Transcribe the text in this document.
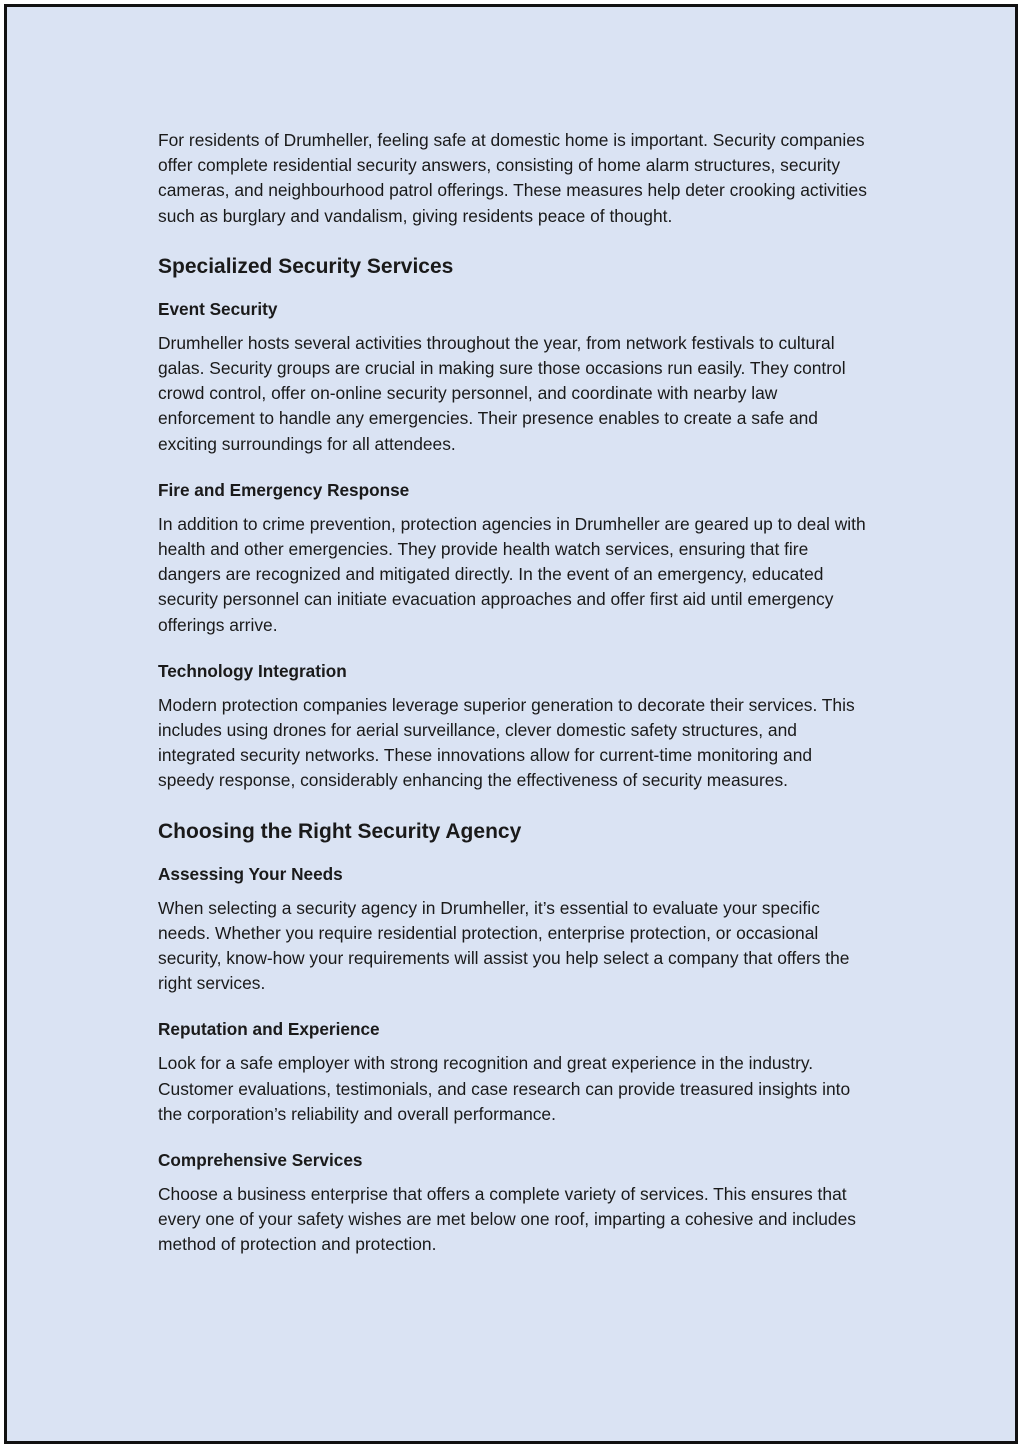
For residents of Drumheller, feeling safe at domestic home is important. Security companies offer complete residential security answers, consisting of home alarm structures, security cameras, and neighbourhood patrol offerings. These measures help deter crooking activities such as burglary and vandalism, giving residents peace of thought.

Specialized Security Services
Event Security

Drumheller hosts several activities throughout the year, from network festivals to cultural galas. Security groups are crucial in making sure those occasions run easily. They control crowd control, offer on-online security personnel, and coordinate with nearby law enforcement to handle any emergencies. Their presence enables to create a safe and exciting surroundings for all attendees.

Fire and Emergency Response

In addition to crime prevention, protection agencies in Drumheller are geared up to deal with health and other emergencies. They provide health watch services, ensuring that fire dangers are recognized and mitigated directly. In the event of an emergency, educated security personnel can initiate evacuation approaches and offer first aid until emergency offerings arrive.

Technology Integration

Modern protection companies leverage superior generation to decorate their services. This includes using drones for aerial surveillance, clever domestic safety structures, and integrated security networks. These innovations allow for current-time monitoring and speedy response, considerably enhancing the effectiveness of security measures.

Choosing the Right Security Agency
Assessing Your Needs

When selecting a security agency in Drumheller, it’s essential to evaluate your specific needs. Whether you require residential protection, enterprise protection, or occasional security, know-how your requirements will assist you help select a company that offers the right services.

Reputation and Experience

Look for a safe employer with strong recognition and great experience in the industry. Customer evaluations, testimonials, and case research can provide treasured insights into the corporation’s reliability and overall performance.

Comprehensive Services

Choose a business enterprise that offers a complete variety of services. This ensures that every one of your safety wishes are met below one roof, imparting a cohesive and includes method of protection and protection.
